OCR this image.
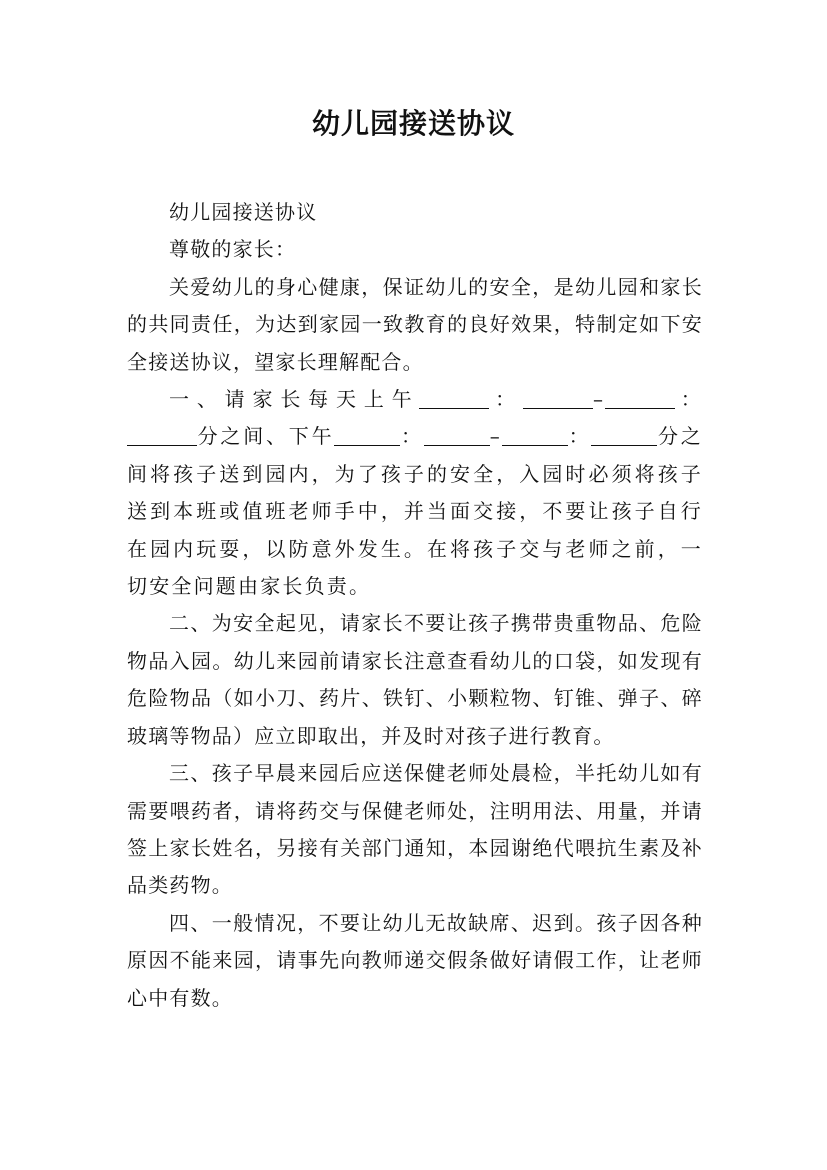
幼儿园接送协议

幼儿园接送协议

尊敬的家长：

关爱幼儿的身心健康，保证幼儿的安全，是幼儿园和家长的共同责任，为达到家园一致教育的良好效果，特制定如下安全接送协议，望家长理解配合。

一、请家长每天上午	：	–	：分之间、下午	：	–	：	分之间将孩子送到园内，为了孩子的安全，入园时必须将孩子送到本班或值班老师手中，并当面交接，不要让孩子自行在园内玩耍，以防意外发生。在将孩子交与老师之前，一切安全问题由家长负责。

二、为安全起见，请家长不要让孩子携带贵重物品、危险物品入园。幼儿来园前请家长注意查看幼儿的口袋，如发现有危险物品（如小刀、药片、铁钉、小颗粒物、钉锥、弹子、碎玻璃等物品）应立即取出，并及时对孩子进行教育。

三、孩子早晨来园后应送保健老师处晨检，半托幼儿如有需要喂药者，请将药交与保健老师处，注明用法、用量，并请签上家长姓名，另接有关部门通知，本园谢绝代喂抗生素及补品类药物。

四、一般情况，不要让幼儿无故缺席、迟到。孩子因各种原因不能来园，请事先向教师递交假条做好请假工作，让老师心中有数。
